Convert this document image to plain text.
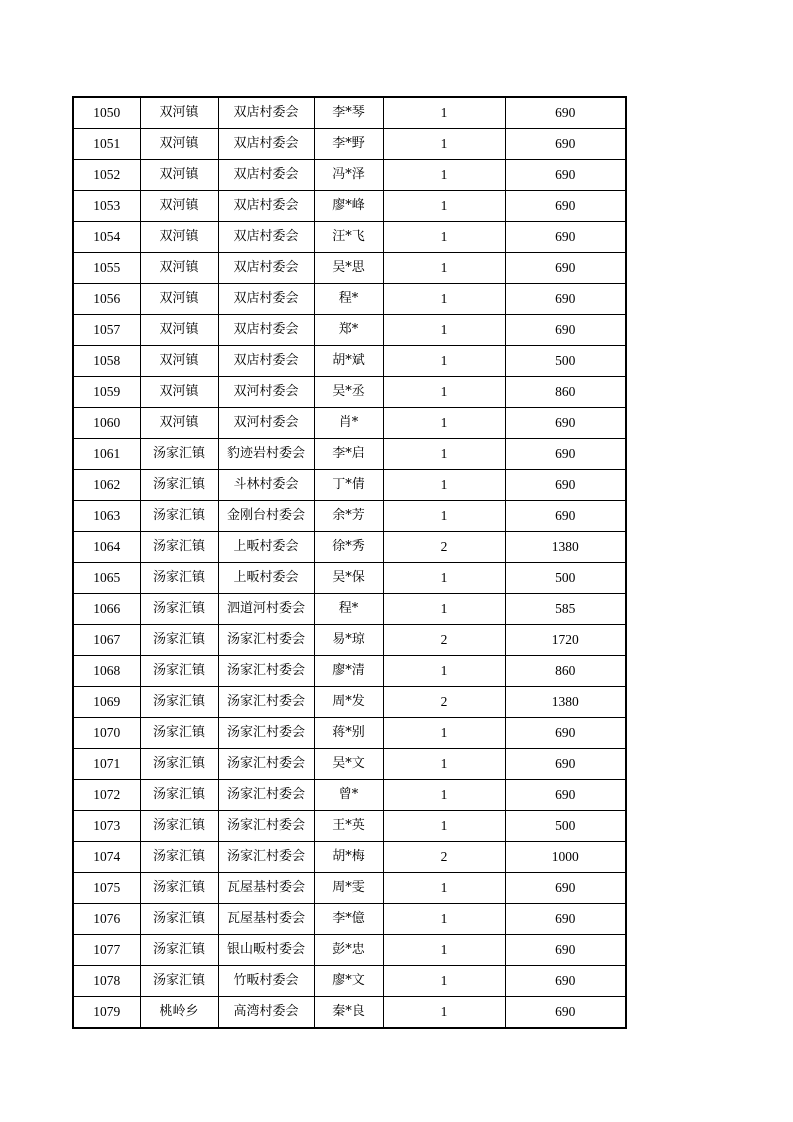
1050	双河镇	双店村委会	李*琴	1	690
1051	双河镇	双店村委会	李*野	1	690
1052	双河镇	双店村委会	冯*泽	1	690
1053	双河镇	双店村委会	廖*峰	1	690
1054	双河镇	双店村委会	汪*飞	1	690
1055	双河镇	双店村委会	吴*思	1	690
1056	双河镇	双店村委会	程*	1	690
1057	双河镇	双店村委会	郑*	1	690
1058	双河镇	双店村委会	胡*斌	1	500
1059	双河镇	双河村委会	吴*丞	1	860
1060	双河镇	双河村委会	肖*	1	690
1061	汤家汇镇	豹迹岩村委会	李*启	1	690
1062	汤家汇镇	斗林村委会	丁*倩	1	690
1063	汤家汇镇	金刚台村委会	余*芳	1	690
1064	汤家汇镇	上畈村委会	徐*秀	2	1380
1065	汤家汇镇	上畈村委会	吴*保	1	500
1066	汤家汇镇	泗道河村委会	程*	1	585
1067	汤家汇镇	汤家汇村委会	易*琼	2	1720
1068	汤家汇镇	汤家汇村委会	廖*清	1	860
1069	汤家汇镇	汤家汇村委会	周*发	2	1380
1070	汤家汇镇	汤家汇村委会	蒋*别	1	690
1071	汤家汇镇	汤家汇村委会	吴*文	1	690
1072	汤家汇镇	汤家汇村委会	曾*	1	690
1073	汤家汇镇	汤家汇村委会	王*英	1	500
1074	汤家汇镇	汤家汇村委会	胡*梅	2	1000
1075	汤家汇镇	瓦屋基村委会	周*雯	1	690
1076	汤家汇镇	瓦屋基村委会	李*億	1	690
1077	汤家汇镇	银山畈村委会	彭*忠	1	690
1078	汤家汇镇	竹畈村委会	廖*文	1	690
1079	桃岭乡	高湾村委会	秦*良	1	690
